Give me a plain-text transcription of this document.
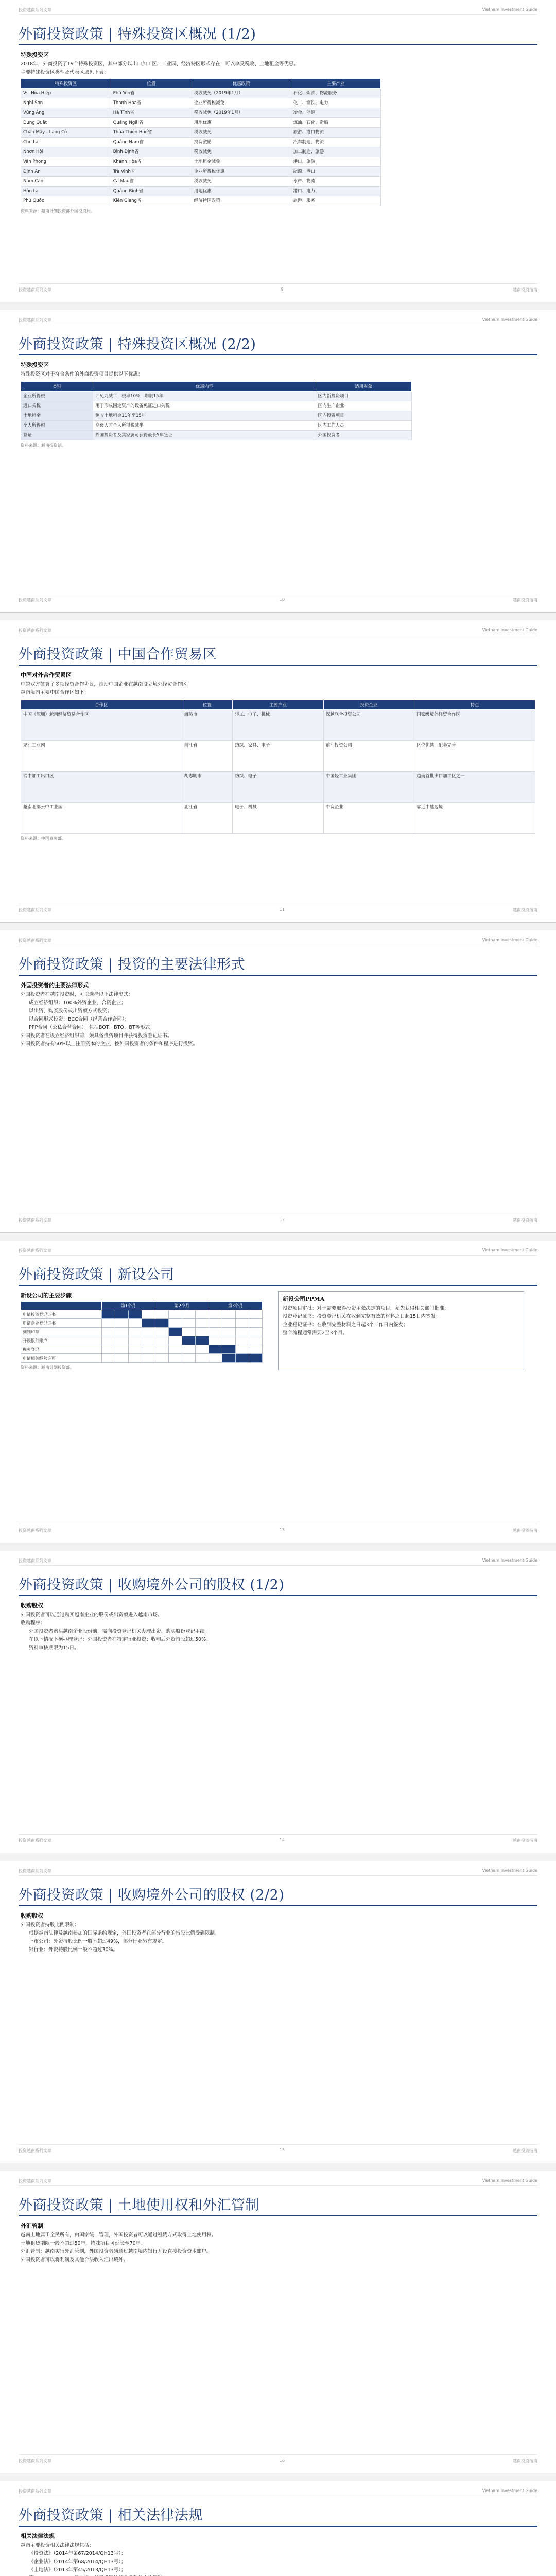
投资越南系列文章	Vietnam Investment Guide
外商投资政策 | 特殊投资区概况 (1/2)
特殊投资区
2018年，外商投资了19个特殊投资区，其中部分以出口加工区、工业园、经济特区形式存在，可以享受税收、土地租金等优惠。
主要特殊投资区类型及代表区域见下表：
特殊投资区	位置	优惠政策	主要产业
Vsi Hòa Hiệp	Phú Yên省	税收减免（2019年1月）	石化、炼油、物流服务
Nghi Sơn	Thanh Hóa省	企业所得税减免	化工、钢铁、电力
Vũng Áng	Hà Tĩnh省	税收减免（2019年1月）	冶金、能源
Dung Quất	Quảng Ngãi省	用地优惠	炼油、石化、造船
Chân Mây - Lăng Cô	Thừa Thiên Huế省	税收减免	旅游、港口物流
Chu Lai	Quảng Nam省	投资激励	汽车制造、物流
Nhơn Hội	Bình Định省	税收减免	加工制造、旅游
Vân Phong	Khánh Hòa省	土地租金减免	港口、旅游
Định An	Trà Vinh省	企业所得税优惠	能源、港口
Năm Căn	Cà Mau省	税收减免	水产、物流
Hòn La	Quảng Bình省	用地优惠	港口、电力
Phú Quốc	Kiên Giang省	经济特区政策	旅游、服务
资料来源：越南计划投资部外国投资局。
投资越南系列文章	9	越南投资指南
投资越南系列文章	Vietnam Investment Guide
外商投资政策 | 特殊投资区概况 (2/2)
特殊投资区
特殊投资区对于符合条件的外商投资项目提供以下优惠：
类别	优惠内容	适用对象
企业所得税	四免九减半；税率10%，期限15年	区内新投资项目
进口关税	用于形成固定资产的设备免征进口关税	区内生产企业
土地租金	免收土地租金11年至15年	区内投资项目
个人所得税	高级人才个人所得税减半	区内工作人员
签证	外国投资者及其家属可获得最长5年签证	外国投资者
资料来源：越南投资法。
投资越南系列文章	10	越南投资指南
投资越南系列文章	Vietnam Investment Guide
外商投资政策 | 中国合作贸易区
中国对外合作贸易区
中越双方签署了多项经贸合作协议，推动中国企业在越南设立境外经贸合作区。
越南境内主要中国合作区如下：
合作区	位置	主要产业	投资企业	特点
中国（深圳）越南经济贸易合作区	海防市	轻工、电子、机械	深越联合投资公司	国家级境外经贸合作区
龙江工业园	前江省	纺织、家具、电子	前江投资公司	区位优越，配套完善
铃中加工出口区	胡志明市	纺织、电子	中国轻工业集团	越南首批出口加工区之一
越南北部云中工业园	北江省	电子、机械	中资企业	靠近中越边境
资料来源：中国商务部。
投资越南系列文章	11	越南投资指南
投资越南系列文章	Vietnam Investment Guide
外商投资政策 | 投资的主要法律形式
外国投资者的主要法律形式
外国投资者在越南投资时，可以选择以下法律形式：
成立经济组织：100%外资企业、合资企业；
以出资、购买股份或出资额方式投资；
以合同形式投资：BCC合同（经营合作合同）；
PPP合同（公私合营合同）：包括BOT、BTO、BT等形式。
外国投资者在设立经济组织前，须具备投资项目并获得投资登记证书。
外国投资者持有50%以上注册资本的企业，按外国投资者的条件和程序进行投资。
投资越南系列文章	12	越南投资指南
投资越南系列文章	Vietnam Investment Guide
外商投资政策 | 新设公司
新设公司的主要步骤
	第1个月				第2个月				第3个月			
申请投资登记证书												
申请企业登记证书												
刻制印章												
开设银行账户												
税务登记												
申请相关经营许可												
资料来源：越南计划投资部。
新设公司PPMA
投资项目审批：对于需要取得投资主张决定的项目，须先获得相关部门批准；
投资登记证书：投资登记机关在收到完整有效的材料之日起15日内签发；
企业登记证书：在收到完整材料之日起3个工作日内签发；
整个流程通常需要2至3个月。
投资越南系列文章	13	越南投资指南
投资越南系列文章	Vietnam Investment Guide
外商投资政策 | 收购境外公司的股权 (1/2)
收购股权
外国投资者可以通过购买越南企业的股份或出资额进入越南市场。
收购程序：
外国投资者购买越南企业股份前，需向投资登记机关办理出资、购买股份登记手续。
在以下情况下须办理登记：外国投资者在特定行业投资；收购后外资持股超过50%。
资料审核期限为15日。
投资越南系列文章	14	越南投资指南
投资越南系列文章	Vietnam Investment Guide
外商投资政策 | 收购境外公司的股权 (2/2)
收购股权
外国投资者持股比例限制：
根据越南法律及越南参加的国际条约规定，外国投资者在部分行业的持股比例受到限制。
上市公司：外资持股比例一般不超过49%，部分行业另有规定。
银行业：外资持股比例一般不超过30%。
投资越南系列文章	15	越南投资指南
投资越南系列文章	Vietnam Investment Guide
外商投资政策 | 土地使用权和外汇管制
外汇管制
越南土地属于全民所有，由国家统一管理，外国投资者可以通过租赁方式取得土地使用权。
土地租赁期限一般不超过50年，特殊项目可延长至70年。
外汇管制：越南实行外汇管制，外国投资者须通过越南境内银行开设直接投资资本账户。
外国投资者可以将利润及其他合法收入汇出境外。
投资越南系列文章	16	越南投资指南
投资越南系列文章	Vietnam Investment Guide
外商投资政策 | 相关法律法规
相关法律法规
越南主要投资相关法律法规包括：
《投资法》（2014年第67/2014/QH13号）；
《企业法》（2014年第68/2014/QH13号）；
《土地法》（2013年第45/2013/QH13号）；
